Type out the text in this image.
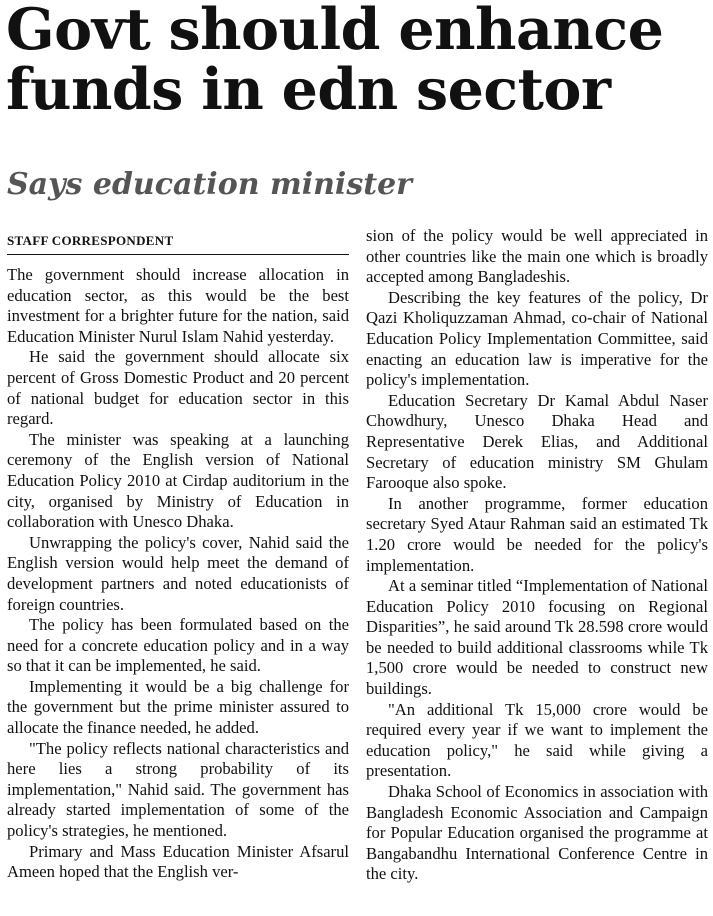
Govt should enhance
funds in edn sector
Says education minister
STAFF CORRESPONDENT

The government should increase allocation in education sector, as this would be the best investment for a brighter future for the nation, said Education Minister Nurul Islam Nahid yesterday.

He said the government should allocate six percent of Gross Domestic Product and 20 percent of national budget for education sector in this regard.

The minister was speaking at a launching ceremony of the English version of National Education Policy 2010 at Cirdap auditorium in the city, organised by Ministry of Education in collaboration with Unesco Dhaka.

Unwrapping the policy's cover, Nahid said the English version would help meet the demand of development partners and noted educationists of foreign countries.

The policy has been formulated based on the need for a concrete education policy and in a way so that it can be implemented, he said.

Implementing it would be a big challenge for the government but the prime minister assured to allocate the finance needed, he added.

"The policy reflects national characteristics and here lies a strong probability of its implementation," Nahid said. The government has already started implementation of some of the policy's strategies, he mentioned.

Primary and Mass Education Minister Afsarul Ameen hoped that the English ver-

sion of the policy would be well appreciated in other countries like the main one which is broadly accepted among Bangladeshis.

Describing the key features of the policy, Dr Qazi Kholiquzzaman Ahmad, co-chair of National Education Policy Implementation Committee, said enacting an education law is imperative for the policy's implementation.

Education Secretary Dr Kamal Abdul Naser Chowdhury, Unesco Dhaka Head and Representative Derek Elias, and Additional Secretary of education ministry SM Ghulam Farooque also spoke.

In another programme, former education secretary Syed Ataur Rahman said an estimated Tk 1.20 crore would be needed for the policy's implementation.

At a seminar titled “Implementation of National Education Policy 2010 focusing on Regional Disparities”, he said around Tk 28.598 crore would be needed to build additional classrooms while Tk 1,500 crore would be needed to construct new buildings.

"An additional Tk 15,000 crore would be required every year if we want to implement the education policy," he said while giving a presentation.

Dhaka School of Economics in association with Bangladesh Economic Association and Campaign for Popular Education organised the programme at Bangabandhu International Conference Centre in the city.
